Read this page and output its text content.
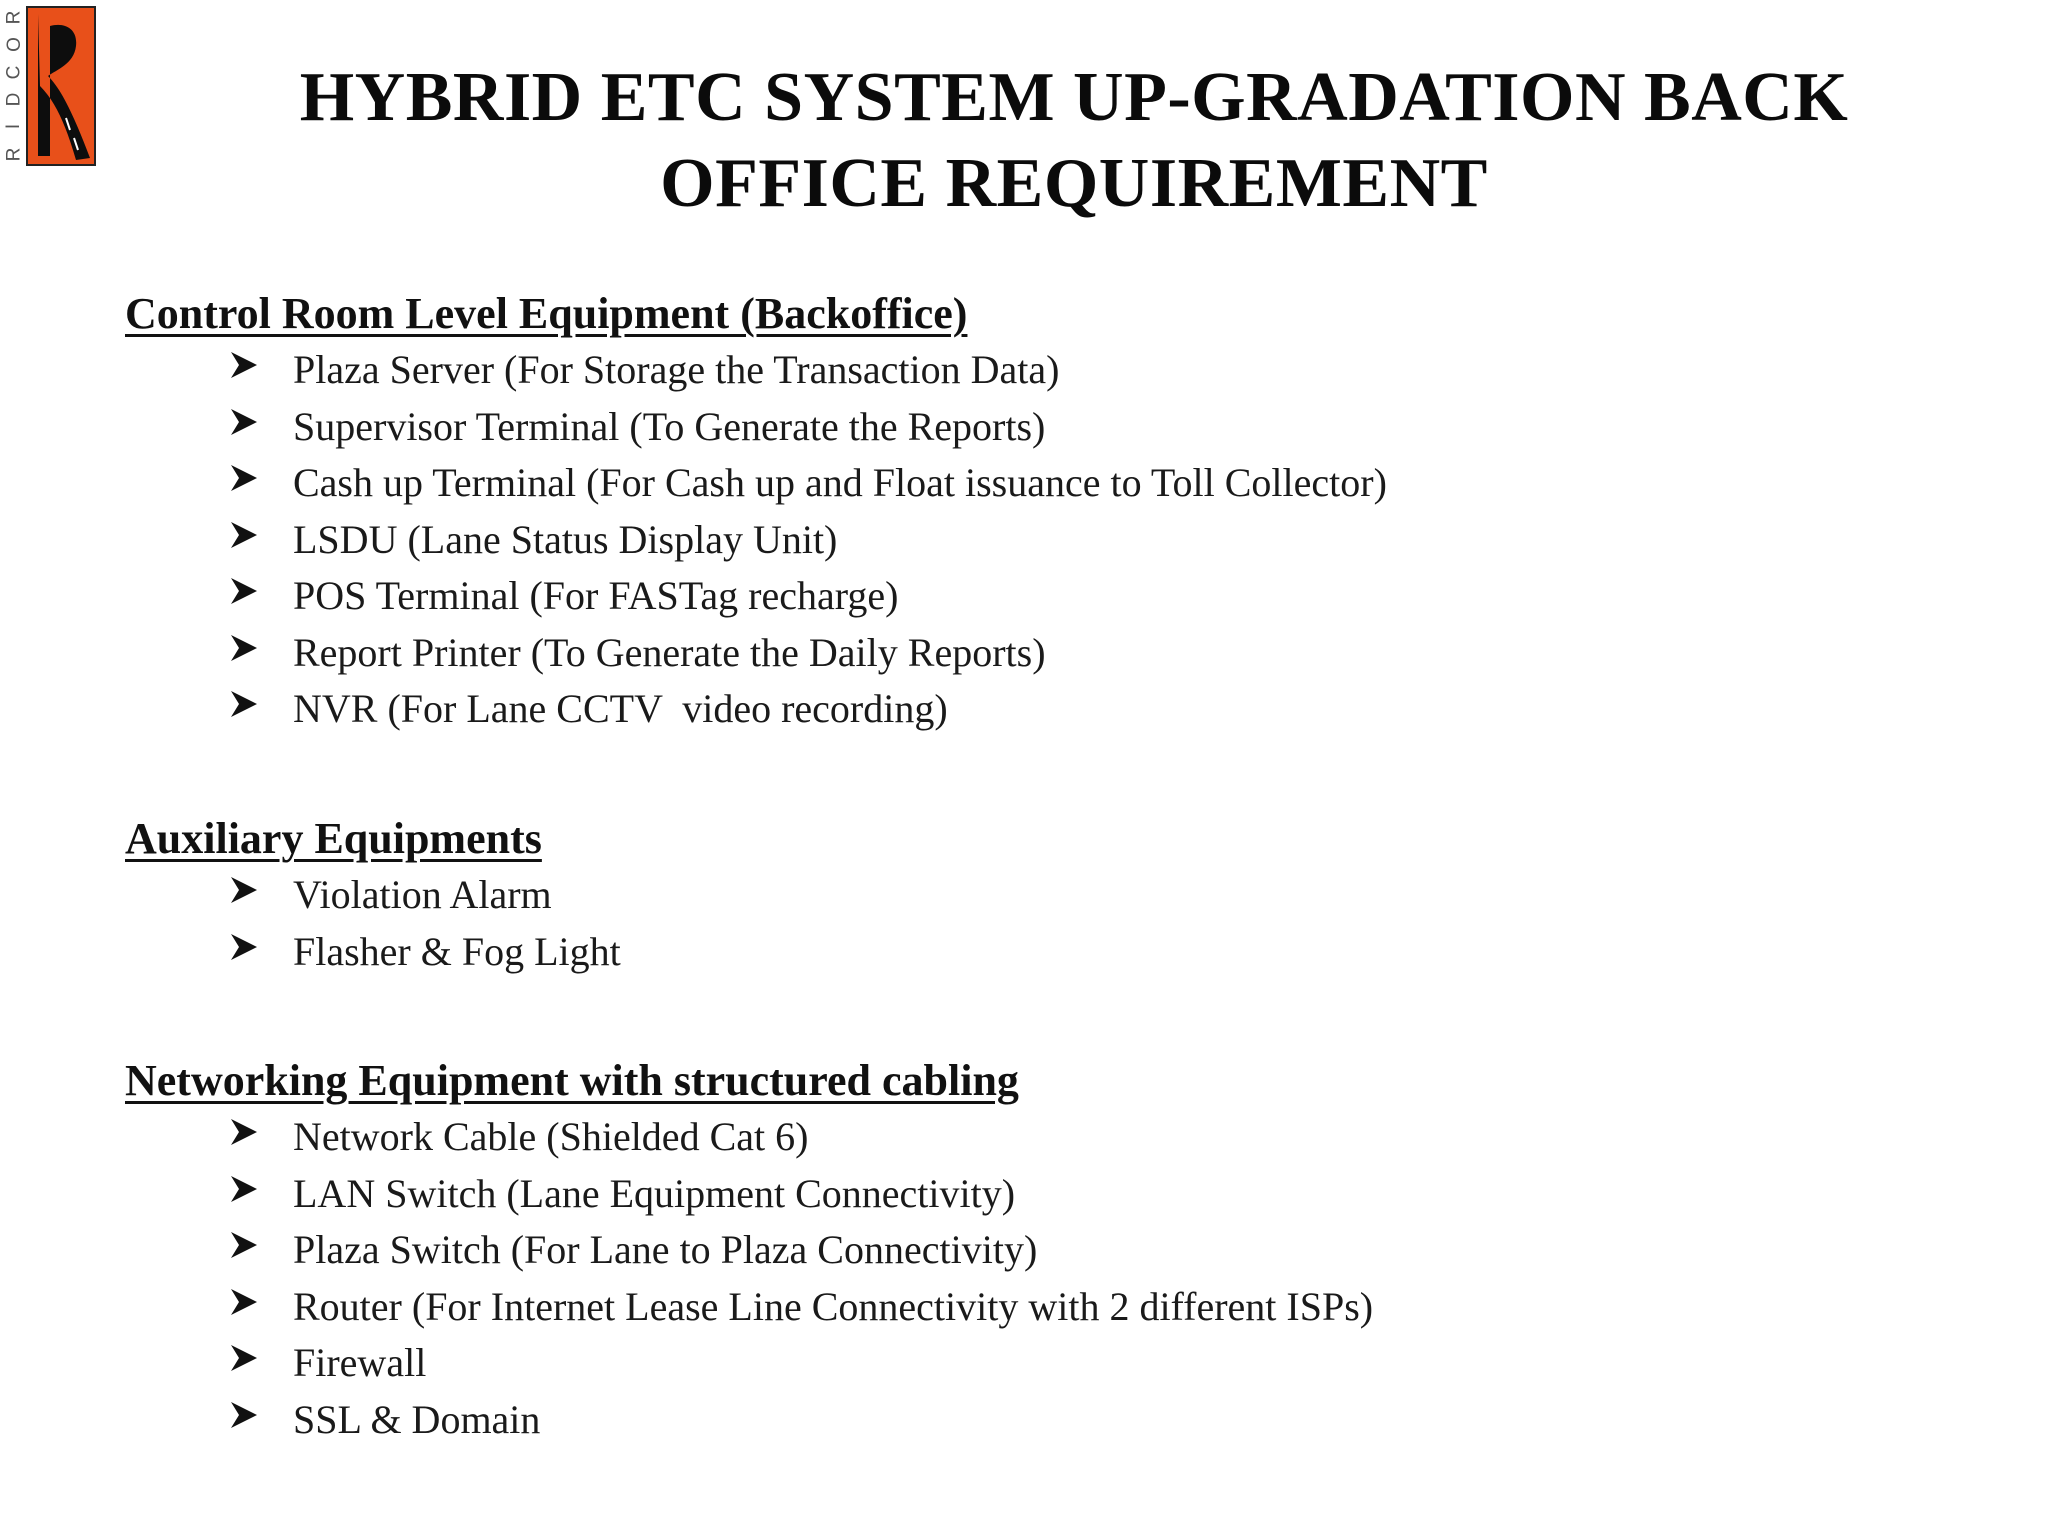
R
O
C
D
I
R
HYBRID ETC SYSTEM UP-GRADATION BACK
OFFICE REQUIREMENT
Control Room Level Equipment (Backoffice)
Plaza Server (For Storage the Transaction Data)
Supervisor Terminal (To Generate the Reports)
Cash up Terminal (For Cash up and Float issuance to Toll Collector)
LSDU (Lane Status Display Unit)
POS Terminal (For FASTag recharge)
Report Printer (To Generate the Daily Reports)
NVR (For Lane CCTV  video recording)
Auxiliary Equipments
Violation Alarm
Flasher & Fog Light
Networking Equipment with structured cabling
Network Cable (Shielded Cat 6)
LAN Switch (Lane Equipment Connectivity)
Plaza Switch (For Lane to Plaza Connectivity)
Router (For Internet Lease Line Connectivity with 2 different ISPs)
Firewall
SSL & Domain
